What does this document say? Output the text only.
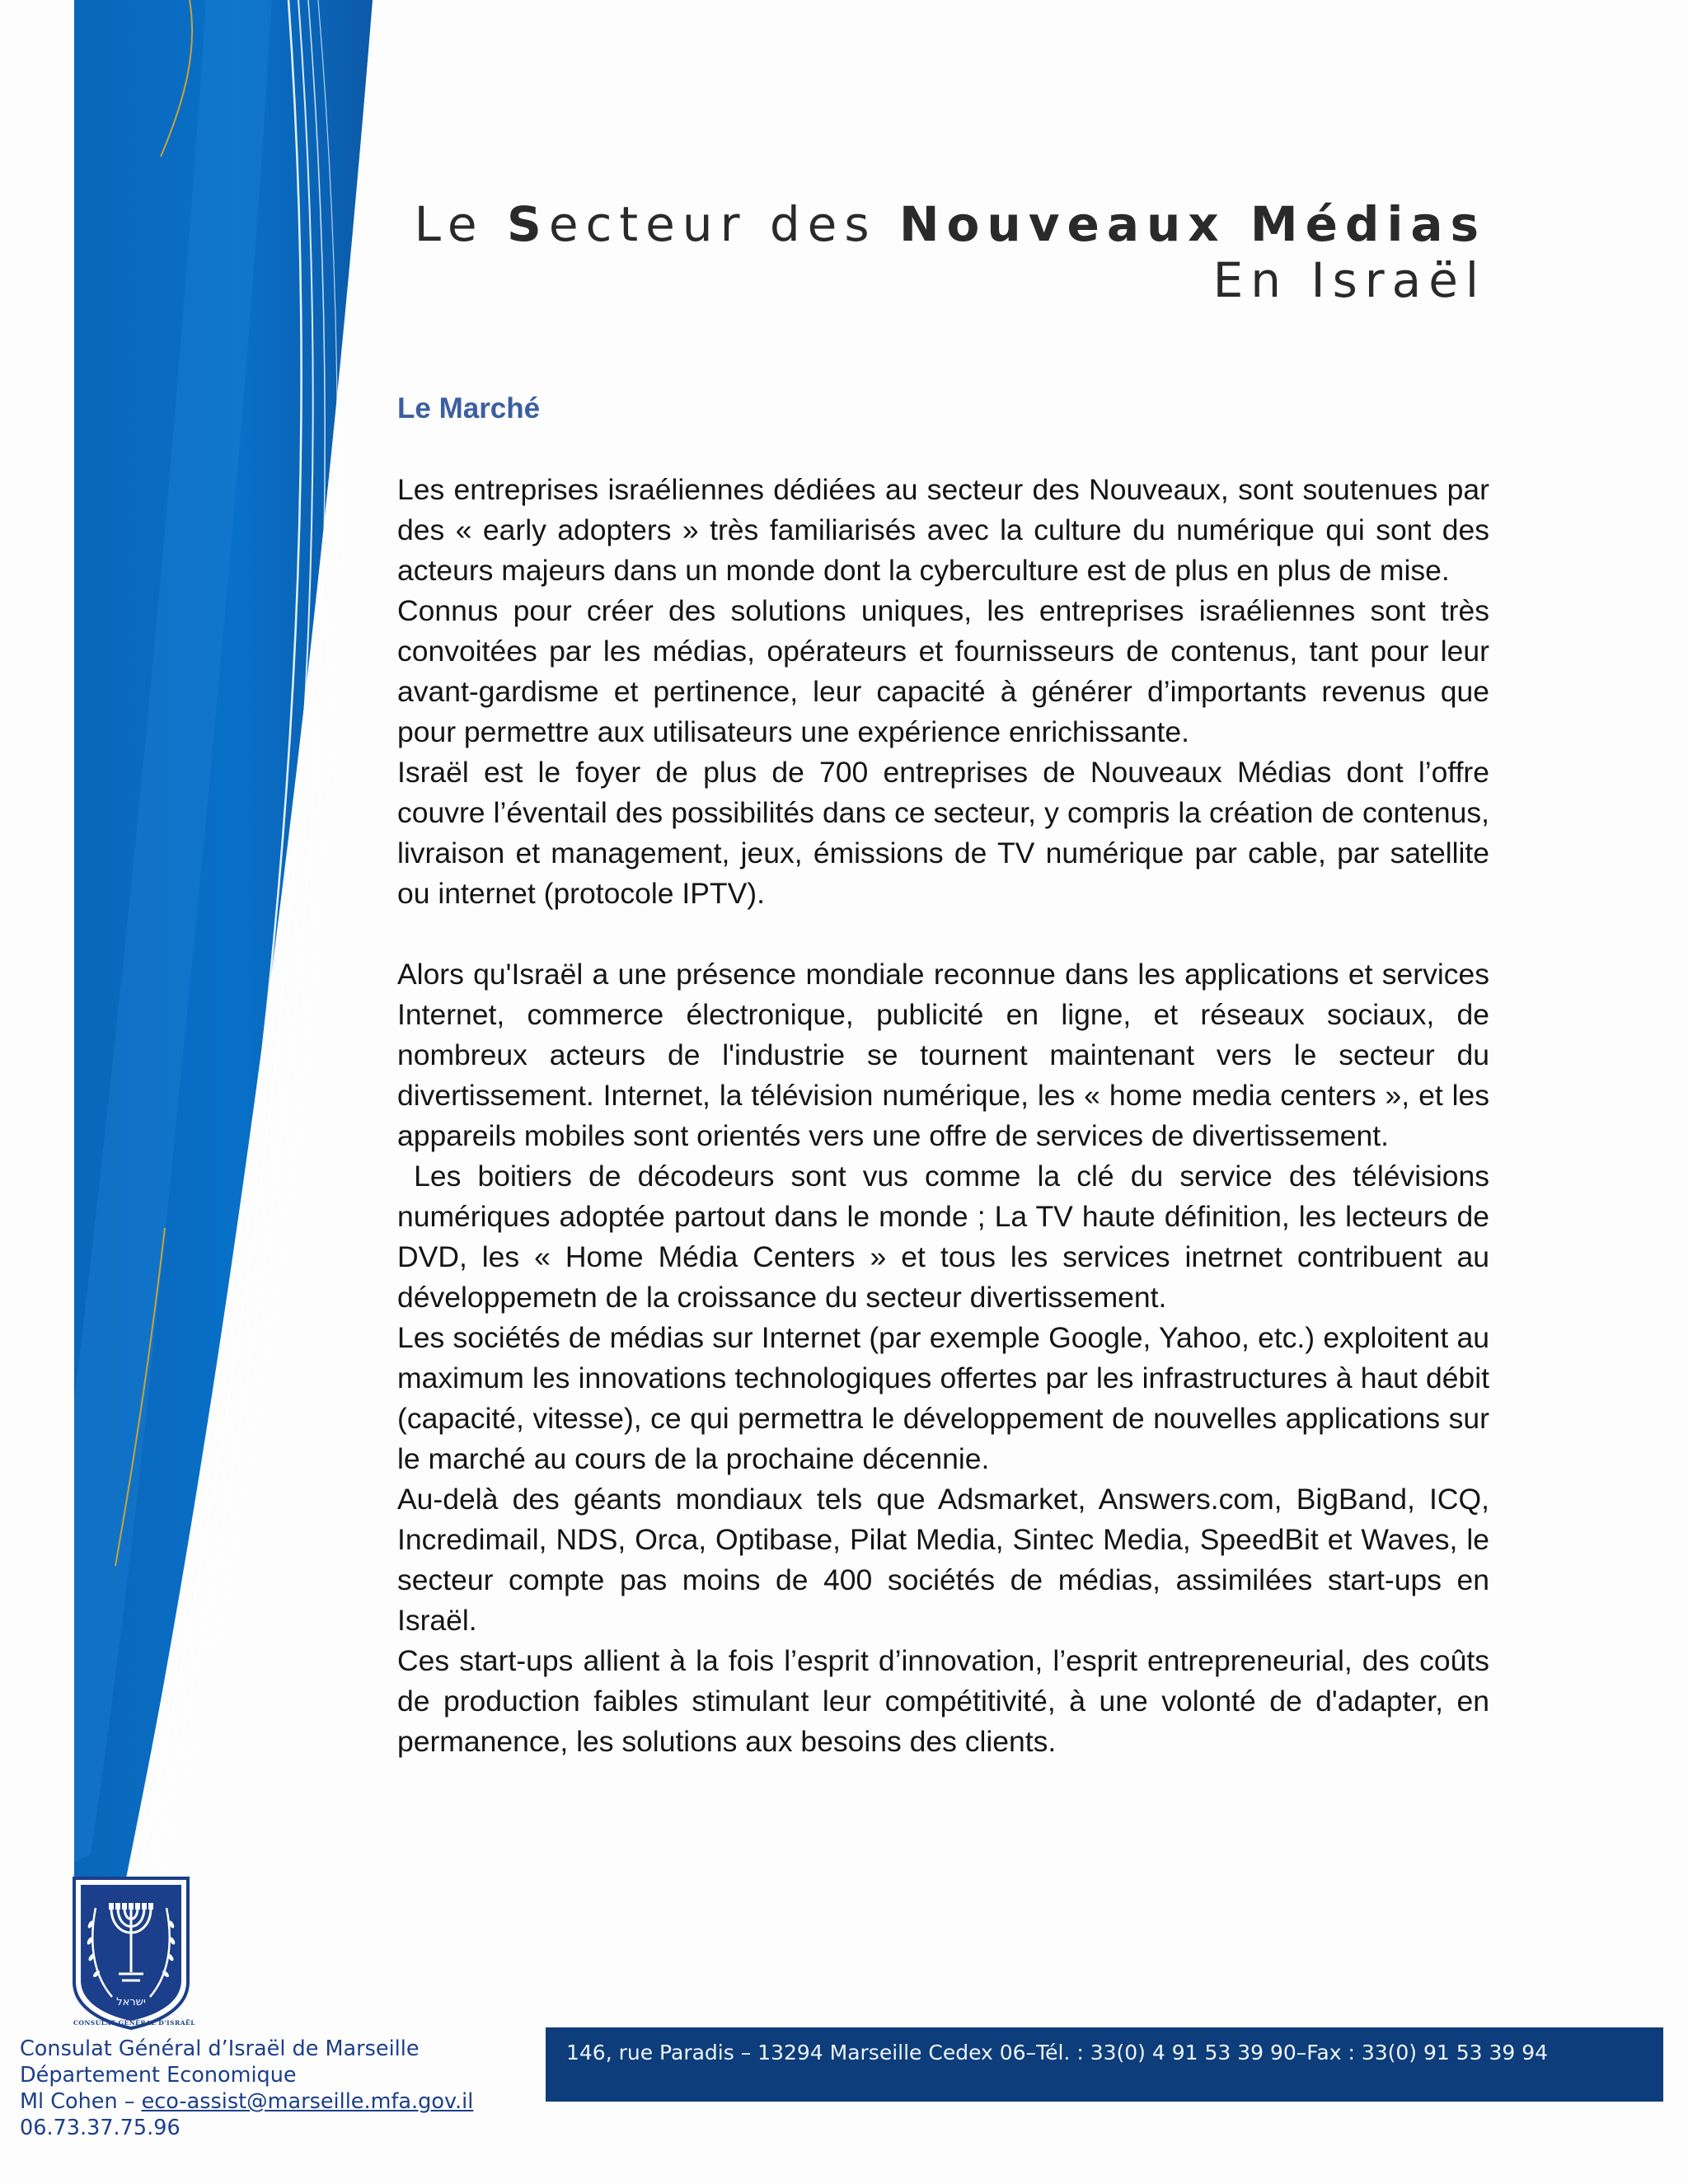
Le Secteur des Nouveaux Médias
En Israël
Le Marché

Les entreprises israéliennes dédiées au secteur des Nouveaux, sont soutenues par des « early adopters » très familiarisés avec la culture du numérique qui sont des acteurs majeurs dans un monde dont la cyberculture est de plus en plus de mise.

Connus pour créer des solutions uniques, les entreprises israéliennes sont très convoitées par les médias, opérateurs et fournisseurs de contenus, tant pour leur avant-gardisme et pertinence, leur capacité à générer d’importants revenus que pour permettre aux utilisateurs une expérience enrichissante.

Israël est le foyer de plus de 700 entreprises de Nouveaux Médias dont l’offre couvre l’éventail des possibilités dans ce secteur, y compris la création de contenus, livraison et management, jeux, émissions de TV numérique par cable, par satellite ou internet (protocole IPTV).

Alors qu'Israël a une présence mondiale reconnue dans les applications et services Internet, commerce électronique, publicité en ligne, et réseaux sociaux, de nombreux acteurs de l'industrie se tournent maintenant vers le secteur du divertissement. Internet, la télévision numérique, les « home media centers », et les appareils mobiles sont orientés vers une offre de services de divertissement.

Les boitiers de décodeurs sont vus comme la clé du service des télévisions numériques adoptée partout dans le monde ; La TV haute définition, les lecteurs de DVD, les « Home Média Centers » et tous les services inetrnet contribuent au développemetn de la croissance du secteur divertissement.

Les sociétés de médias sur Internet (par exemple Google, Yahoo, etc.) exploitent au maximum les innovations technologiques offertes par les infrastructures à haut débit (capacité, vitesse), ce qui permettra le développement de nouvelles applications sur le marché au cours de la prochaine décennie.

Au-delà des géants mondiaux tels que Adsmarket, Answers.com, BigBand, ICQ, Incredimail, NDS, Orca, Optibase, Pilat Media, Sintec Media, SpeedBit et Waves, le secteur compte pas moins de 400 sociétés de médias, assimilées start-ups en Israël.

Ces start-ups allient à la fois l’esprit d’innovation, l’esprit entrepreneurial, des coûts de production faibles stimulant leur compétitivité, à une volonté de d'adapter, en permanence, les solutions aux besoins des clients.

ישראל
CONSULAT GÉNÉRAL D'ISRAËL
Consulat Général d’Israël de Marseille
Département Economique
Ml Cohen – eco-assist@marseille.mfa.gov.il
06.73.37.75.96
146, rue Paradis – 13294 Marseille Cedex 06–Tél. : 33(0) 4 91 53 39 90–Fax : 33(0) 91 53 39 94
